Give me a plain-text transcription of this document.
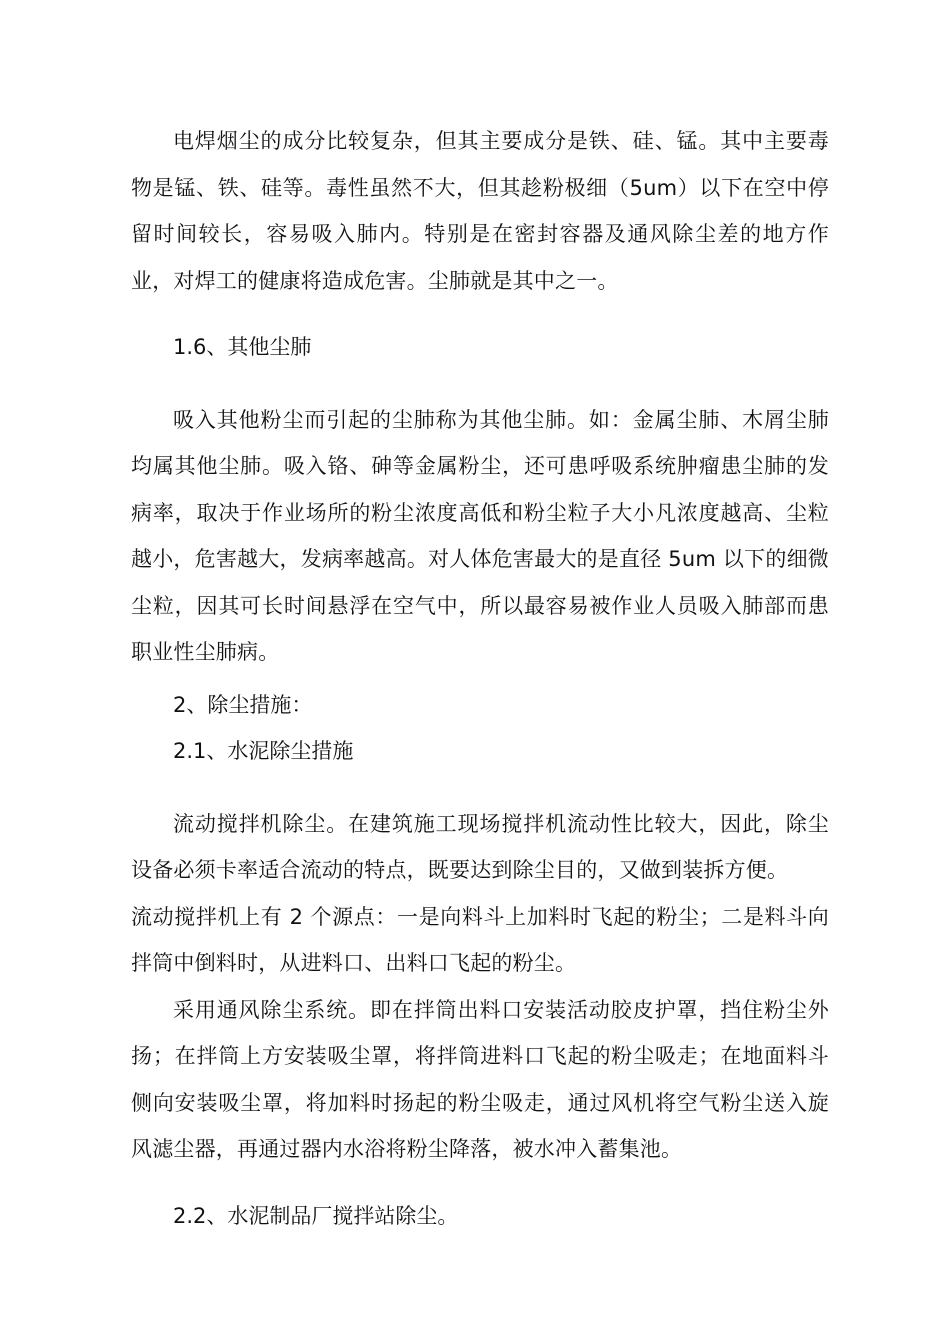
电焊烟尘的成分比较复杂，但其主要成分是铁、硅、锰。其中主要毒物是锰、铁、硅等。毒性虽然不大，但其趁粉极细（5um）以下在空中停留时间较长，容易吸入肺内。特别是在密封容器及通风除尘差的地方作业，对焊工的健康将造成危害。尘肺就是其中之一。

1.6、其他尘肺

吸入其他粉尘而引起的尘肺称为其他尘肺。如：金属尘肺、木屑尘肺均属其他尘肺。吸入铬、砷等金属粉尘，还可患呼吸系统肿瘤患尘肺的发病率，取决于作业场所的粉尘浓度高低和粉尘粒子大小凡浓度越高、尘粒越小，危害越大，发病率越高。对人体危害最大的是直径 5um 以下的细微尘粒，因其可长时间悬浮在空气中，所以最容易被作业人员吸入肺部而患职业性尘肺病。

2、除尘措施：

2.1、水泥除尘措施

流动搅拌机除尘。在建筑施工现场搅拌机流动性比较大，因此，除尘设备必须卡率适合流动的特点，既要达到除尘目的，又做到装拆方便。

流动搅拌机上有 2 个源点：一是向料斗上加料时飞起的粉尘；二是料斗向拌筒中倒料时，从进料口、出料口飞起的粉尘。

采用通风除尘系统。即在拌筒出料口安装活动胶皮护罩，挡住粉尘外扬；在拌筒上方安装吸尘罩，将拌筒进料口飞起的粉尘吸走；在地面料斗侧向安装吸尘罩，将加料时扬起的粉尘吸走，通过风机将空气粉尘送入旋风滤尘器，再通过器内水浴将粉尘降落，被水冲入蓄集池。

2.2、水泥制品厂搅拌站除尘。
